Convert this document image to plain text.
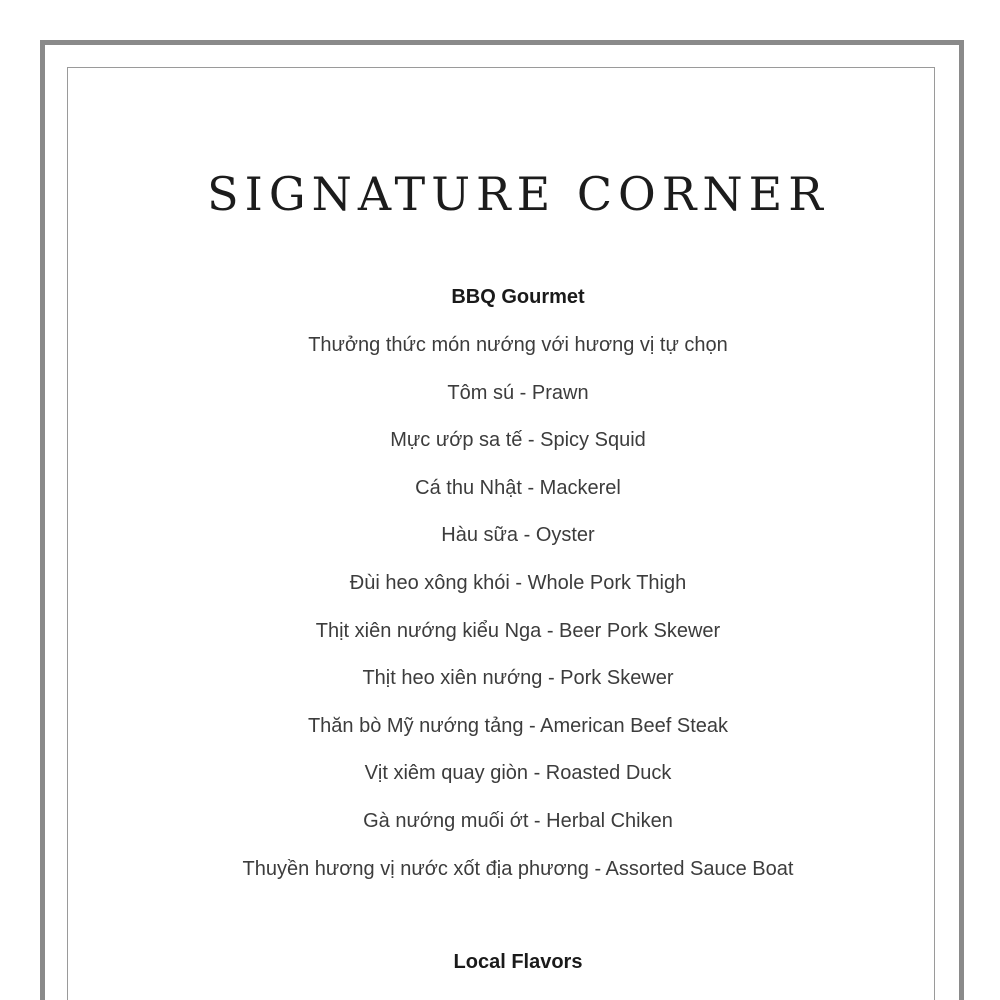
SIGNATURE CORNER
BBQ Gourmet
Thưởng thức món nướng với hương vị tự chọn
Tôm sú - Prawn
Mực ướp sa tế - Spicy Squid
Cá thu Nhật - Mackerel
Hàu sữa - Oyster
Đùi heo xông khói - Whole Pork Thigh
Thịt xiên nướng kiểu Nga - Beer Pork Skewer
Thịt heo xiên nướng - Pork Skewer
Thăn bò Mỹ nướng tảng - American Beef Steak
Vịt xiêm quay giòn - Roasted Duck
Gà nướng muối ớt - Herbal Chiken
Thuyền hương vị nước xốt địa phương - Assorted Sauce Boat
Local Flavors
